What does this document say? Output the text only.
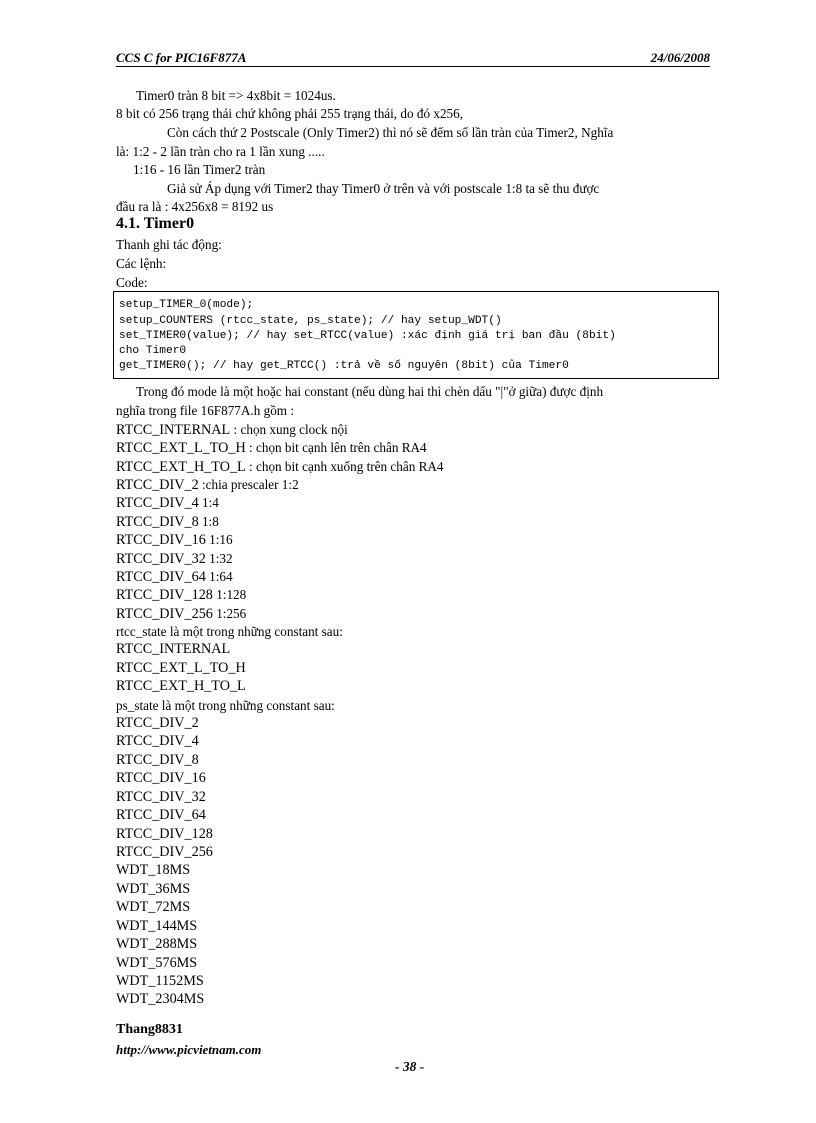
CCS C for PIC16F877A	24/06/2008
Timer0 tràn 8 bit => 4x8bit = 1024us.
8 bit có 256 trạng thái chứ không phải 255 trạng thái, do đó x256,
Còn cách thứ 2 Postscale (Only Timer2) thì nó sẽ đếm số lần tràn của Timer2, Nghĩa
là: 1:2 - 2 lần tràn cho ra 1 lần xung .....
1:16 - 16 lần Timer2 tràn
Giả sử Áp dụng với Timer2 thay Timer0 ở trên và với postscale 1:8 ta sẽ thu được
đầu ra là : 4x256x8 = 8192 us
4.1. Timer0
Thanh ghi tác động:
Các lệnh:
Code:
setup_TIMER_0(mode);
setup_COUNTERS (rtcc_state, ps_state); // hay setup_WDT()
set_TIMER0(value); // hay set_RTCC(value) :xác định giá trị ban đầu (8bit)
cho Timer0
get_TIMER0(); // hay get_RTCC() :trả về số nguyên (8bit) của Timer0
Trong đó mode là một hoặc hai constant (nếu dùng hai thì chèn dấu "|"ở giữa) được định
nghĩa trong file 16F877A.h gồm :
RTCC_INTERNAL : chọn xung clock nội
RTCC_EXT_L_TO_H : chọn bit cạnh lên trên chân RA4
RTCC_EXT_H_TO_L : chọn bit cạnh xuống trên chân RA4
RTCC_DIV_2 :chia prescaler 1:2
RTCC_DIV_4 1:4
RTCC_DIV_8 1:8
RTCC_DIV_16 1:16
RTCC_DIV_32 1:32
RTCC_DIV_64 1:64
RTCC_DIV_128 1:128
RTCC_DIV_256 1:256
rtcc_state là một trong những constant sau:
RTCC_INTERNAL
RTCC_EXT_L_TO_H
RTCC_EXT_H_TO_L
ps_state là một trong những constant sau:
RTCC_DIV_2
RTCC_DIV_4
RTCC_DIV_8
RTCC_DIV_16
RTCC_DIV_32
RTCC_DIV_64
RTCC_DIV_128
RTCC_DIV_256
WDT_18MS
WDT_36MS
WDT_72MS
WDT_144MS
WDT_288MS
WDT_576MS
WDT_1152MS
WDT_2304MS
Thang8831
http://www.picvietnam.com
- 38 -
